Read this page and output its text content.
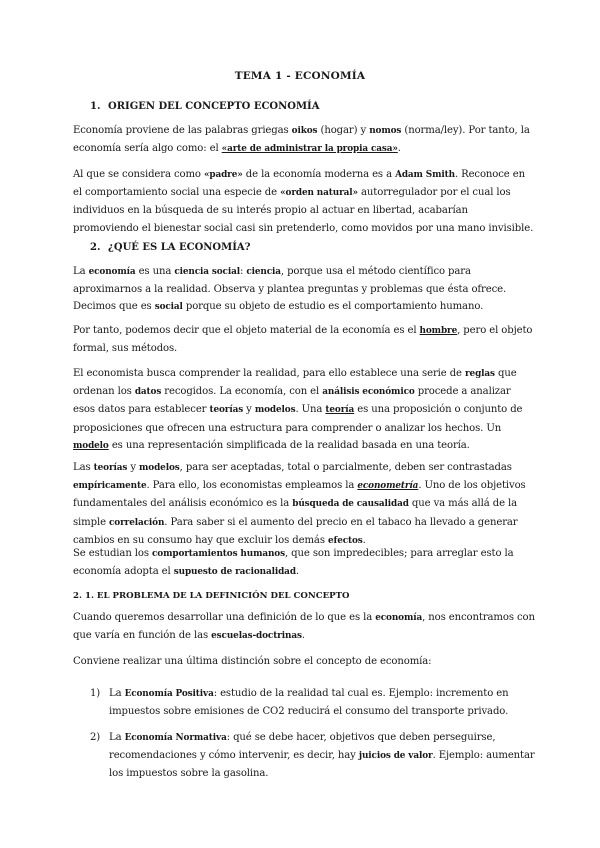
TEMA 1 - ECONOMÍA
1. ORIGEN DEL CONCEPTO ECONOMÍA

Economía proviene de las palabras griegas oikos (hogar) y nomos (norma/ley). Por tanto, la economía sería algo como: el «arte de administrar la propia casa».

Al que se considera como «padre» de la economía moderna es a Adam Smith. Reconoce en el comportamiento social una especie de «orden natural» autorregulador por el cual los individuos en la búsqueda de su interés propio al actuar en libertad, acabarían promoviendo el bienestar social casi sin pretenderlo, como movidos por una mano invisible.

2. ¿QUÉ ES LA ECONOMÍA?

La economía es una ciencia social: ciencia, porque usa el método científico para aproximarnos a la realidad. Observa y plantea preguntas y problemas que ésta ofrece. Decimos que es social porque su objeto de estudio es el comportamiento humano.

Por tanto, podemos decir que el objeto material de la economía es el hombre, pero el objeto formal, sus métodos.

El economista busca comprender la realidad, para ello establece una serie de reglas que ordenan los datos recogidos. La economía, con el análisis económico procede a analizar esos datos para establecer teorías y modelos. Una teoría es una proposición o conjunto de proposiciones que ofrecen una estructura para comprender o analizar los hechos. Un modelo es una representación simplificada de la realidad basada en una teoría.

Las teorías y modelos, para ser aceptadas, total o parcialmente, deben ser contrastadas empíricamente. Para ello, los economistas empleamos la econometría. Uno de los objetivos fundamentales del análisis económico es la búsqueda de causalidad que va más allá de la simple correlación. Para saber si el aumento del precio en el tabaco ha llevado a generar cambios en su consumo hay que excluir los demás efectos.

Se estudian los comportamientos humanos, que son impredecibles; para arreglar esto la economía adopta el supuesto de racionalidad.

2. 1. EL PROBLEMA DE LA DEFINICIÓN DEL CONCEPTO

Cuando queremos desarrollar una definición de lo que es la economía, nos encontramos con que varía en función de las escuelas-doctrinas.

Conviene realizar una última distinción sobre el concepto de economía:

1) La Economía Positiva: estudio de la realidad tal cual es. Ejemplo: incremento en impuestos sobre emisiones de CO2 reducirá el consumo del transporte privado.
2) La Economía Normativa: qué se debe hacer, objetivos que deben perseguirse, recomendaciones y cómo intervenir, es decir, hay juicios de valor. Ejemplo: aumentar los impuestos sobre la gasolina.
